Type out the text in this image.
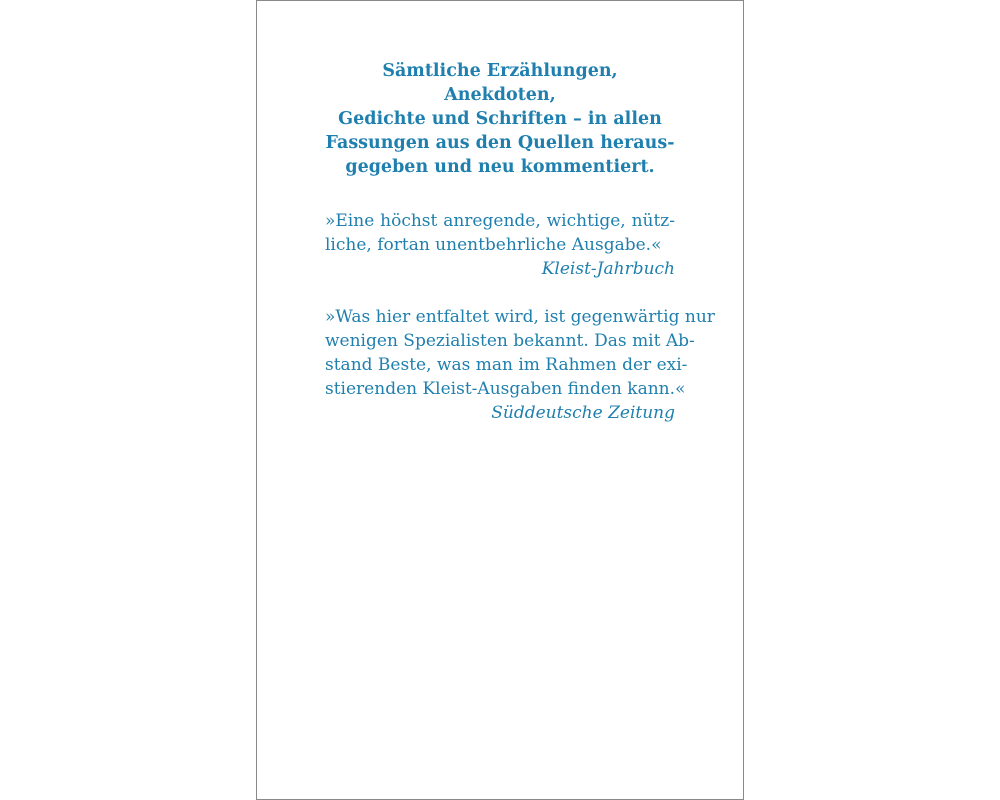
Sämtliche Erzählungen, Anekdoten,
Gedichte und Schriften – in allen
Fassungen aus den Quellen heraus-
gegeben und neu kommentiert.

»Eine höchst anregende, wichtige, nütz-
liche, fortan unentbehrliche Ausgabe.«

Kleist-Jahrbuch

»Was hier entfaltet wird, ist gegenwärtig nur
wenigen Spezialisten bekannt. Das mit Ab-
stand Beste, was man im Rahmen der exi-
stierenden Kleist-Ausgaben finden kann.«

Süddeutsche Zeitung
